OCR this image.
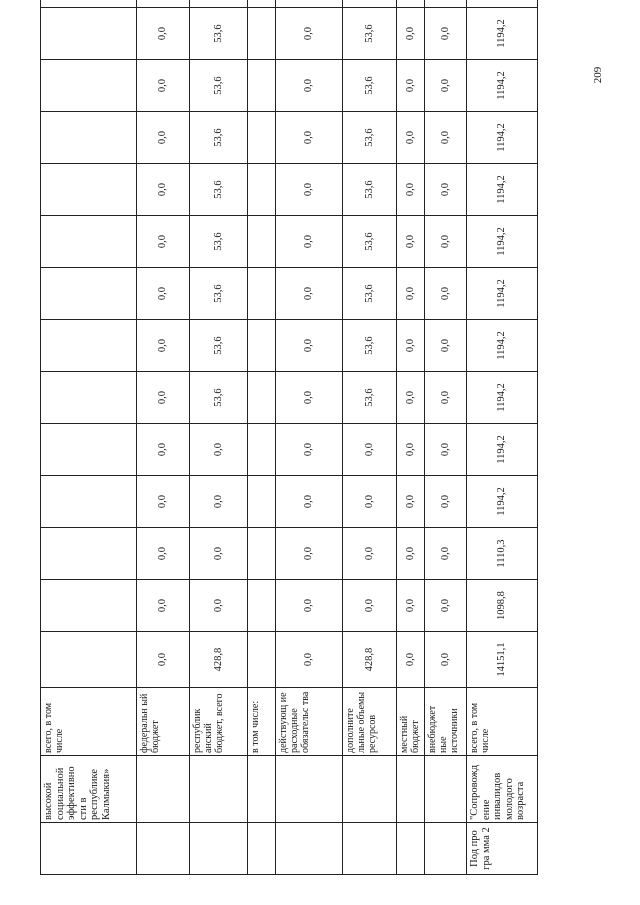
209
	высокой социальной эффективно сти в республике Калмыкия»	всего, в том числе															
		федеральн ый бюджет	0,0	0,0	0,0	0,0	0,0	0,0	0,0	0,0	0,0	0,0	0,0	0,0	0,0		
		республик анский бюджет, всего	428,8	0,0	0,0	0,0	0,0	53,6	53,6	53,6	53,6	53,6	53,6	53,6	53,6		
		в том числе:															
		действующ ие расходные обязательс тва	0,0	0,0	0,0	0,0	0,0	0,0	0,0	0,0	0,0	0,0	0,0	0,0	0,0		
		дополните льные объемы ресурсов	428,8	0,0	0,0	0,0	0,0	53,6	53,6	53,6	53,6	53,6	53,6	53,6	53,6		
		местный бюджет	0,0	0,0	0,0	0,0	0,0	0,0	0,0	0,0	0,0	0,0	0,0	0,0	0,0		
		внебюджет ные источники	0,0	0,0	0,0	0,0	0,0	0,0	0,0	0,0	0,0	0,0	0,0	0,0	0,0		
Под про гра мма 2	"Сопровожд ение инвалидов молодого возраста	всего, в том числе	14151,1	1098,8	1110,3	1194,2	1194,2	1194,2	1194,2	1194,2	1194,2	1194,2	1194,2	1194,2	1194,2		
